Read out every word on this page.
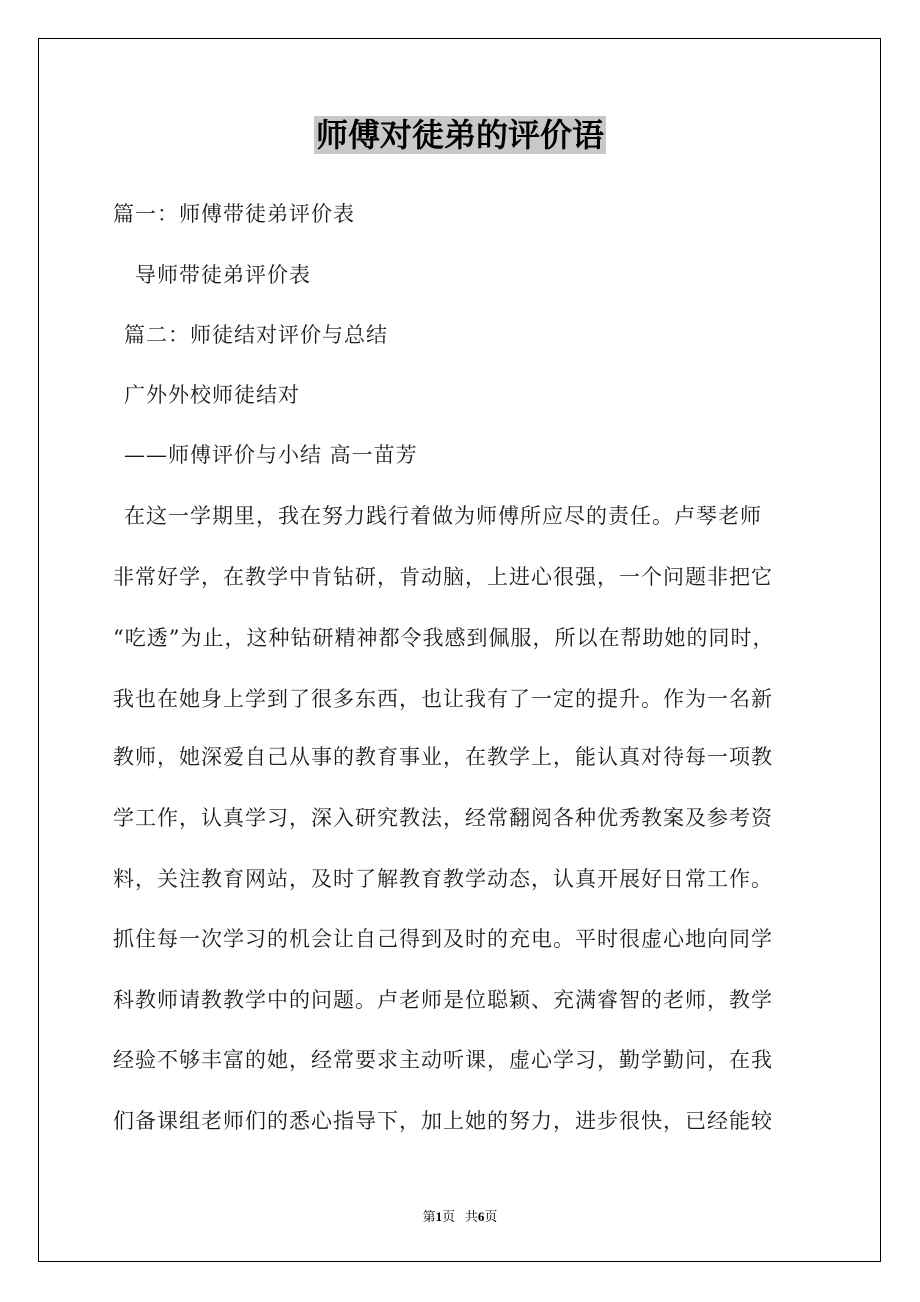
师傅对徒弟的评价语
篇一：师傅带徒弟评价表
导师带徒弟评价表
篇二：师徒结对评价与总结
广外外校师徒结对
——师傅评价与小结 高一苗芳
在这一学期里，我在努力践行着做为师傅所应尽的责任。卢琴老师
非常好学，在教学中肯钻研，肯动脑，上进心很强，一个问题非把它
“吃透”为止，这种钻研精神都令我感到佩服，所以在帮助她的同时，
我也在她身上学到了很多东西，也让我有了一定的提升。作为一名新
教师，她深爱自己从事的教育事业，在教学上，能认真对待每一项教
学工作，认真学习，深入研究教法，经常翻阅各种优秀教案及参考资
料，关注教育网站，及时了解教育教学动态，认真开展好日常工作。
抓住每一次学习的机会让自己得到及时的充电。平时很虚心地向同学
科教师请教教学中的问题。卢老师是位聪颖、充满睿智的老师，教学
经验不够丰富的她，经常要求主动听课，虚心学习，勤学勤问，在我
们备课组老师们的悉心指导下，加上她的努力，进步很快，已经能较
第1页   共6页
